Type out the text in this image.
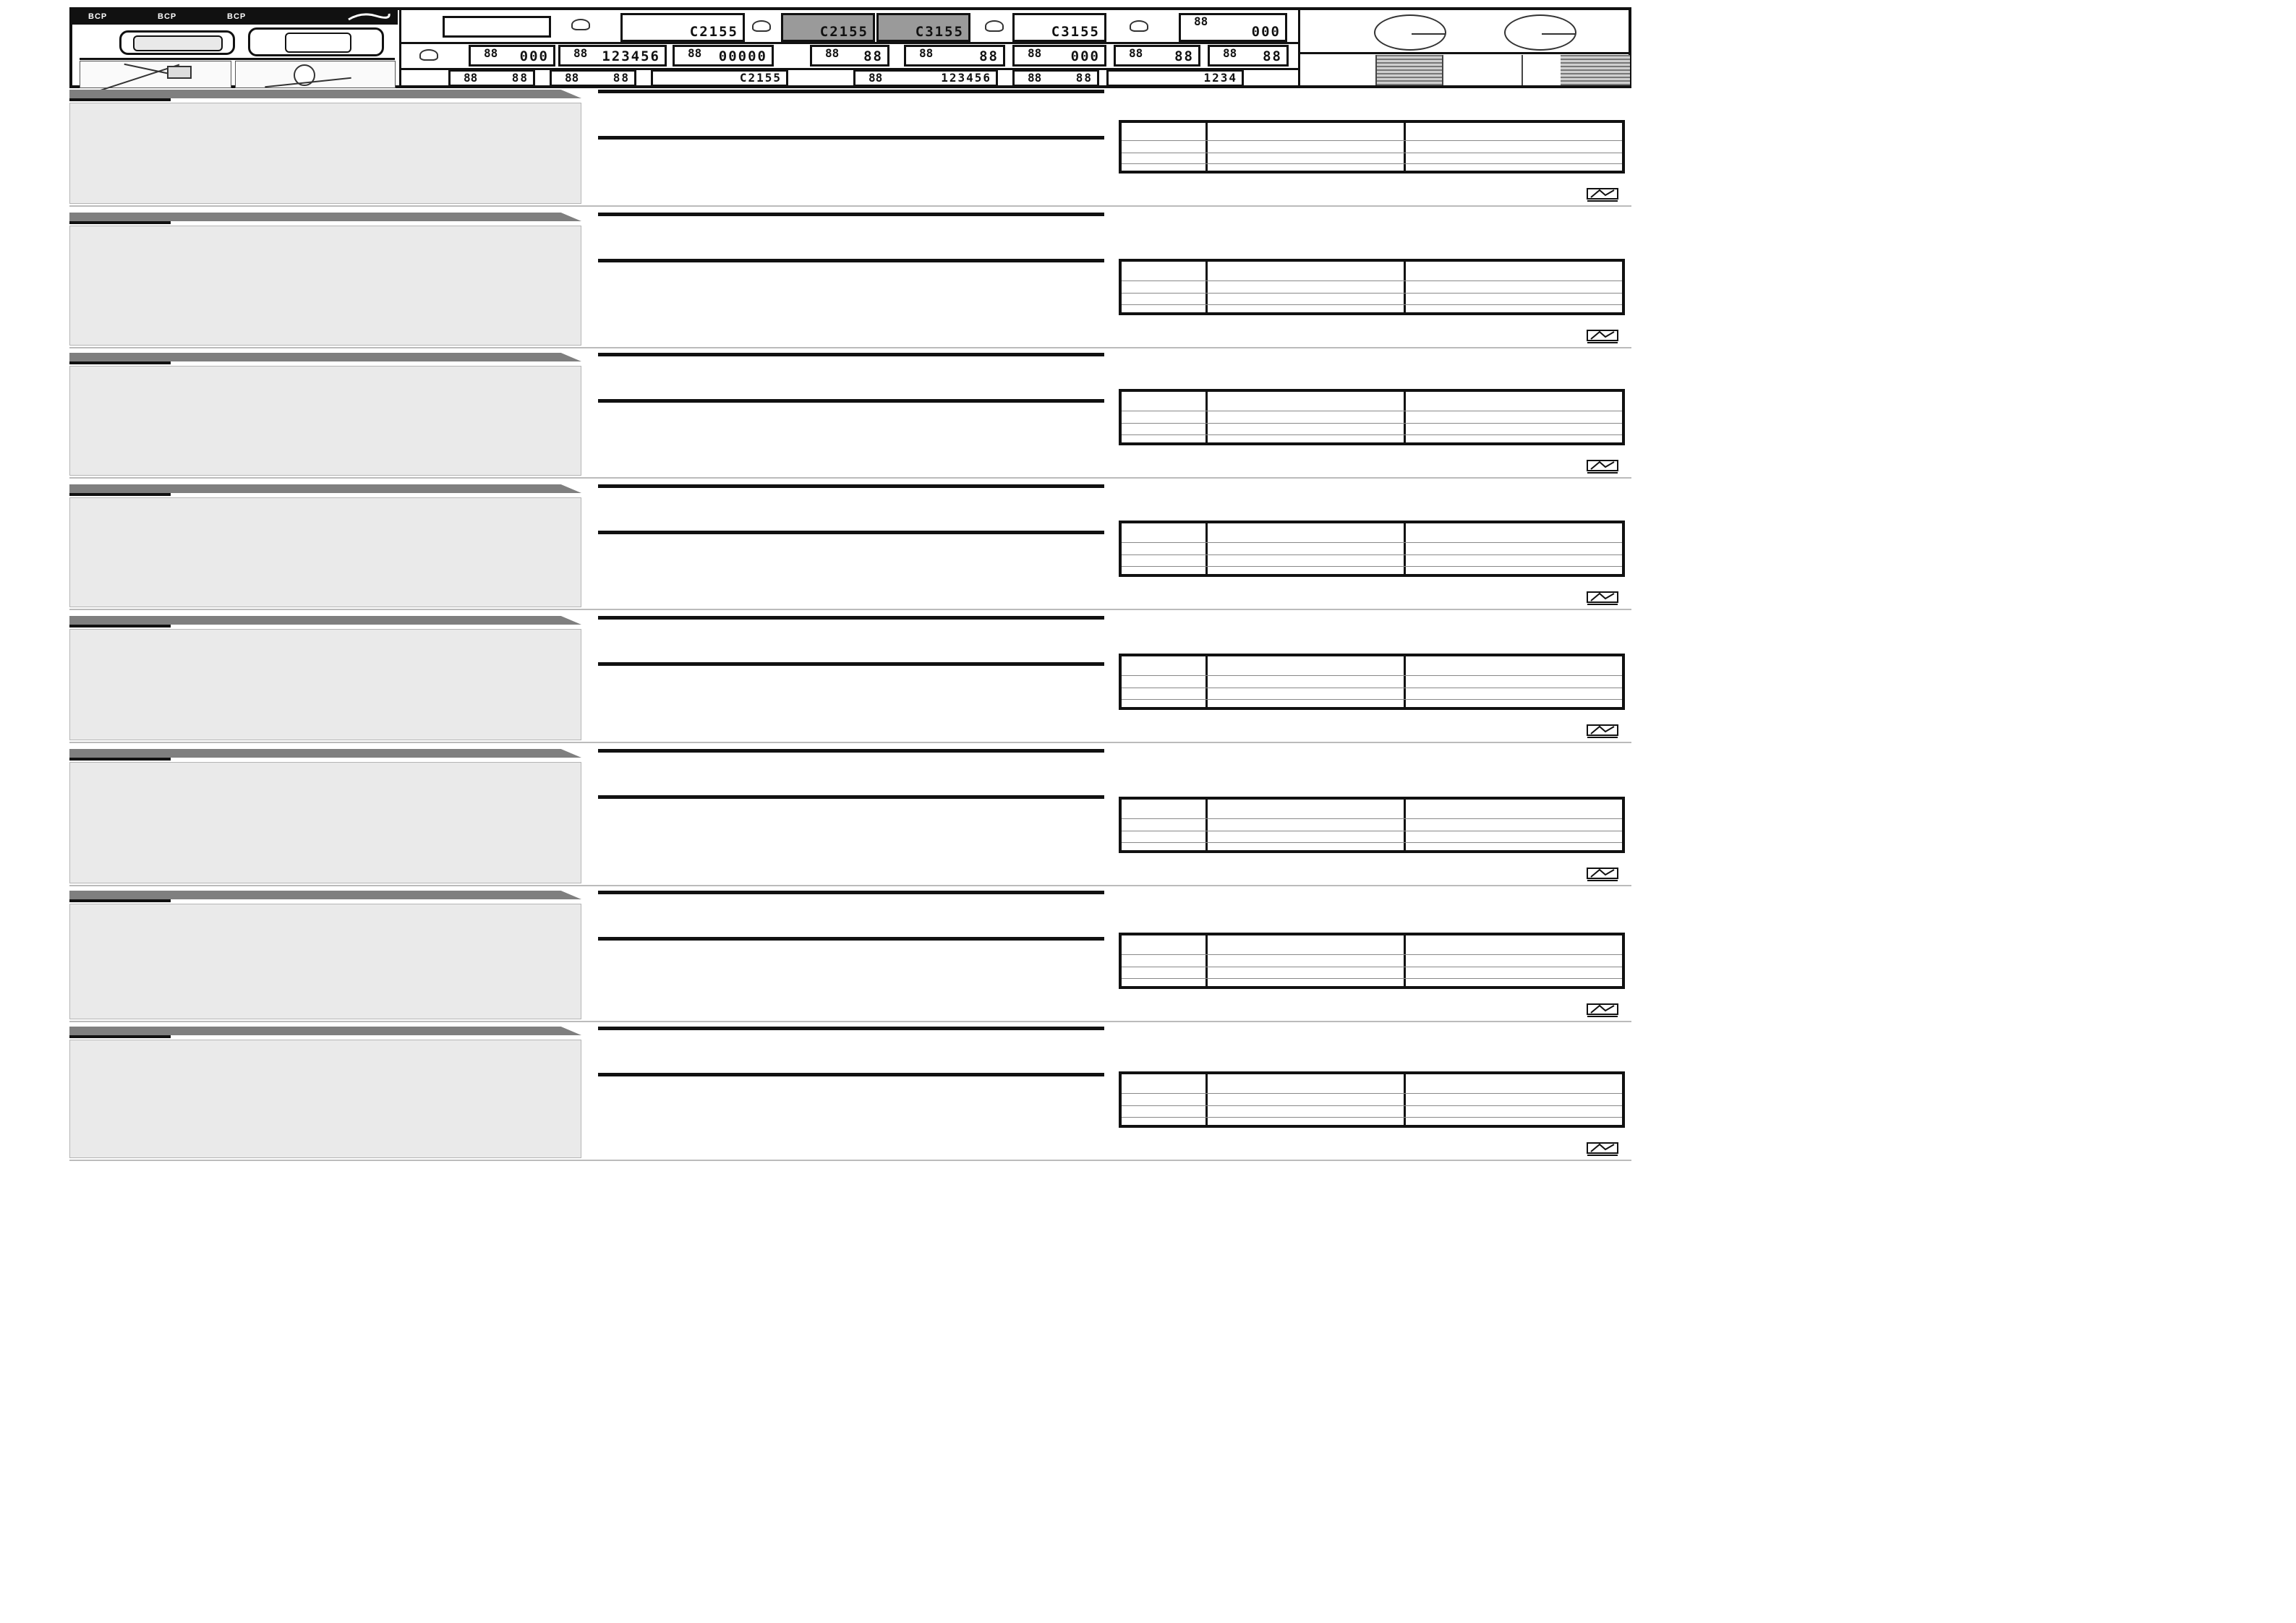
BCP	BCP	BCP
C2155	C2155	C3155	C3155
88
000
88 000 88 123456 88 00000	88 88	88	88	88 000	88 88	88 88
88	88	88	88	C2155	88	123456	88	88	1234
